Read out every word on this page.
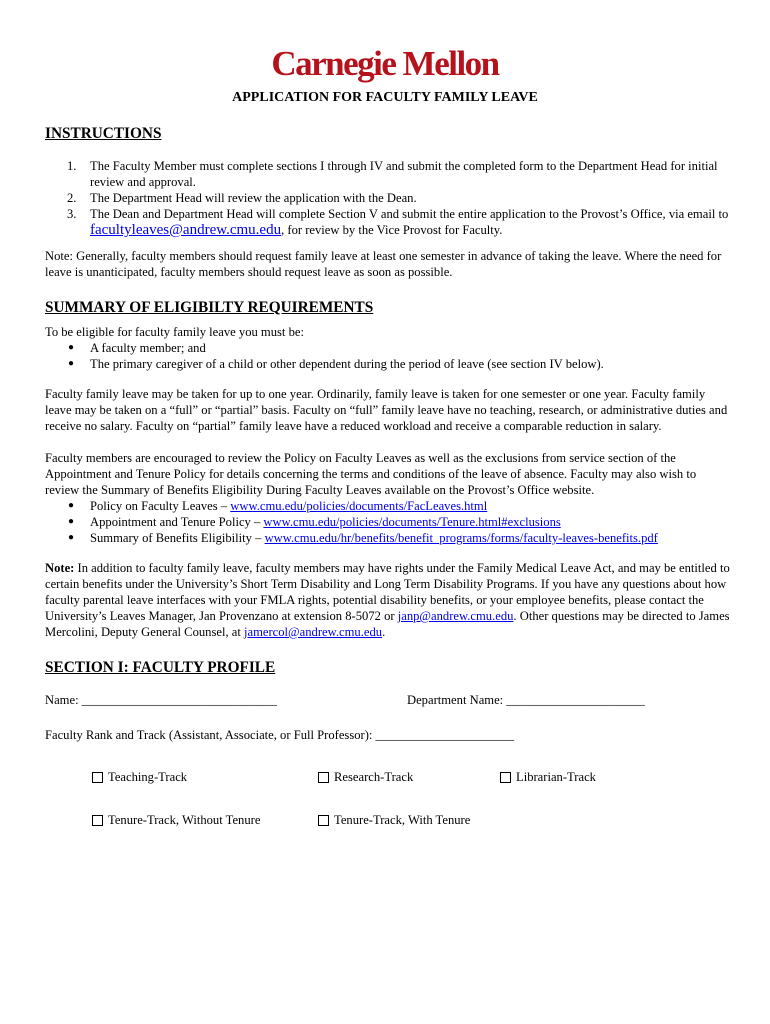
Carnegie Mellon
APPLICATION FOR FACULTY FAMILY LEAVE
INSTRUCTIONS
1. The Faculty Member must complete sections I through IV and submit the completed form to the Department Head for initial review and approval.
2. The Department Head will review the application with the Dean.
3. The Dean and Department Head will complete Section V and submit the entire application to the Provost’s Office, via email to facultyleaves@andrew.cmu.edu, for review by the Vice Provost for Faculty.

Note: Generally, faculty members should request family leave at least one semester in advance of taking the leave. Where the need for leave is unanticipated, faculty members should request leave as soon as possible.

SUMMARY OF ELIGIBILTY REQUIREMENTS

To be eligible for faculty family leave you must be:

● A faculty member; and
● The primary caregiver of a child or other dependent during the period of leave (see section IV below).

Faculty family leave may be taken for up to one year. Ordinarily, family leave is taken for one semester or one year. Faculty family leave may be taken on a “full” or “partial” basis. Faculty on “full” family leave have no teaching, research, or administrative duties and receive no salary. Faculty on “partial” family leave have a reduced workload and receive a comparable reduction in salary.

Faculty members are encouraged to review the Policy on Faculty Leaves as well as the exclusions from service section of the Appointment and Tenure Policy for details concerning the terms and conditions of the leave of absence. Faculty may also wish to review the Summary of Benefits Eligibility During Faculty Leaves available on the Provost’s Office website.

● Policy on Faculty Leaves – www.cmu.edu/policies/documents/FacLeaves.html
● Appointment and Tenure Policy – www.cmu.edu/policies/documents/Tenure.html#exclusions
● Summary of Benefits Eligibility – www.cmu.edu/hr/benefits/benefit_programs/forms/faculty-leaves-benefits.pdf

Note: In addition to faculty family leave, faculty members may have rights under the Family Medical Leave Act, and may be entitled to certain benefits under the University’s Short Term Disability and Long Term Disability Programs. If you have any questions about how faculty parental leave interfaces with your FMLA rights, potential disability benefits, or your employee benefits, please contact the University’s Leaves Manager, Jan Provenzano at extension 8-5072 or janp@andrew.cmu.edu. Other questions may be directed to James Mercolini, Deputy General Counsel, at jamercol@andrew.cmu.edu.

SECTION I: FACULTY PROFILE
Name: _______________________________	Department Name: ______________________
Faculty Rank and Track (Assistant, Associate, or Full Professor): ______________________
Teaching-Track	Research-Track	Librarian-Track
Tenure-Track, Without Tenure	Tenure-Track, With Tenure
